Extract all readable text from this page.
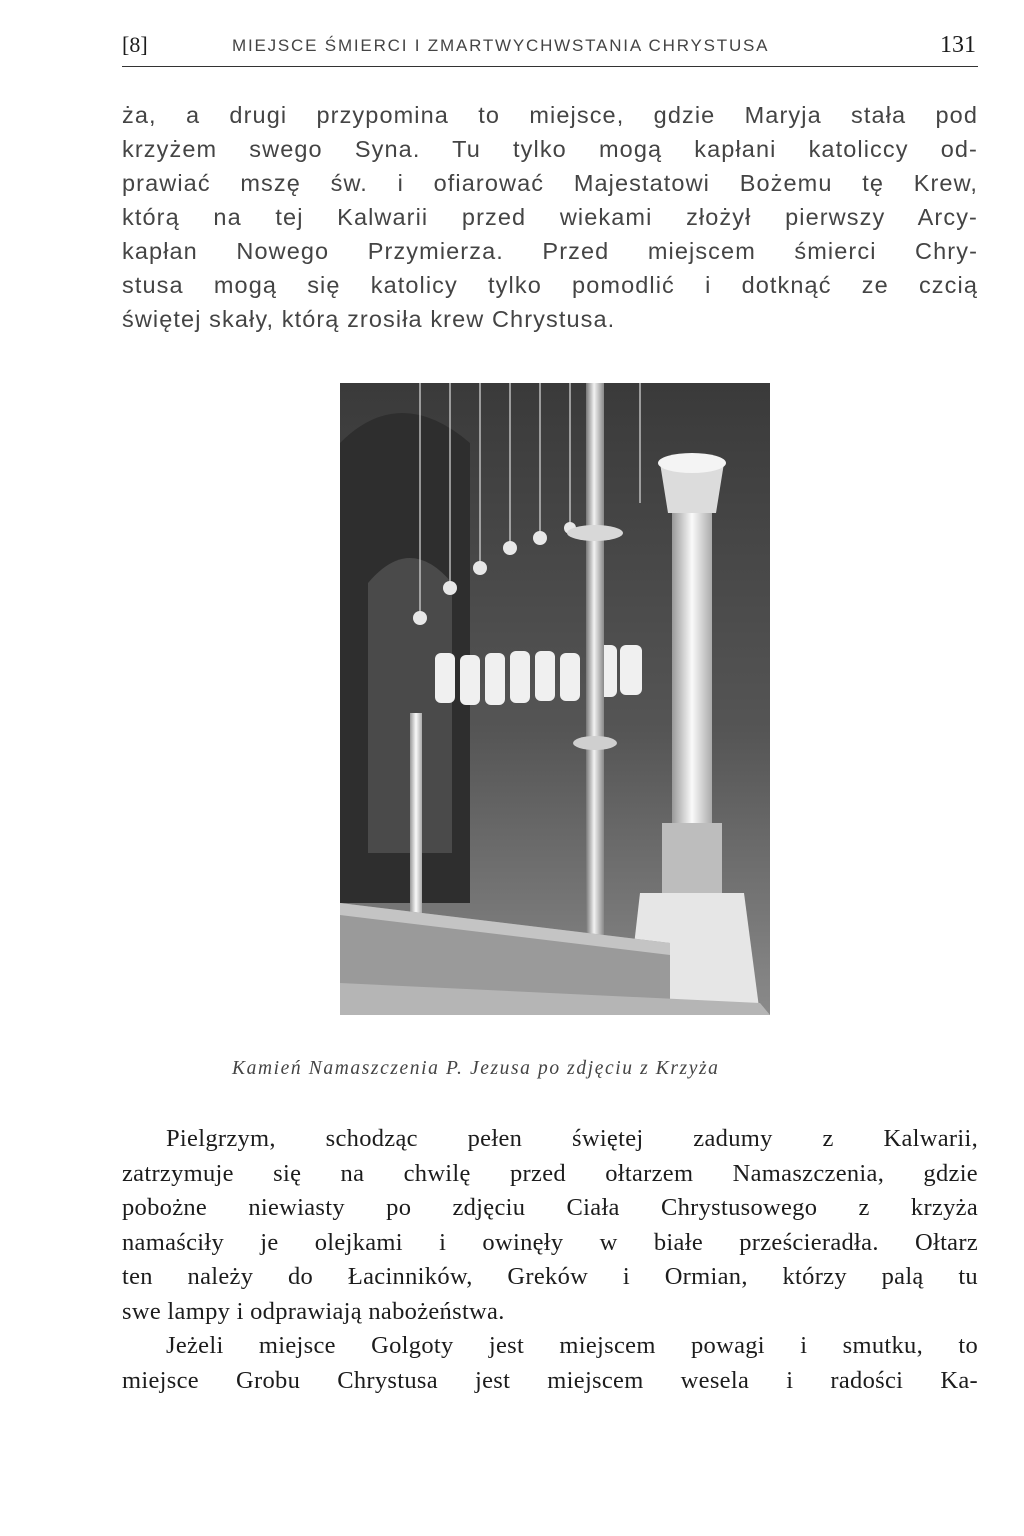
[8]	MIEJSCE ŚMIERCI I ZMARTWYCHWSTANIA CHRYSTUSA	131
ża, a drugi przypomina to miejsce, gdzie Maryja stała pod
krzyżem swego Syna. Tu tylko mogą kapłani katoliccy od-
prawiać mszę św. i ofiarować Majestatowi Bożemu tę Krew,
którą na tej Kalwarii przed wiekami złożył pierwszy Arcy-
kapłan Nowego Przymierza. Przed miejscem śmierci Chry-
stusa mogą się katolicy tylko pomodlić i dotknąć ze czcią
świętej skały, którą zrosiła krew Chrystusa.
Kamień Namaszczenia P. Jezusa po zdjęciu z Krzyża
Pielgrzym, schodząc pełen świętej zadumy z Kalwarii,
zatrzymuje się na chwilę przed ołtarzem Namaszczenia, gdzie
pobożne niewiasty po zdjęciu Ciała Chrystusowego z krzyża
namaściły je olejkami i owinęły w białe prześcieradła. Ołtarz
ten należy do Łacinników, Greków i Ormian, którzy palą tu
swe lampy i odprawiają nabożeństwa.
Jeżeli miejsce Golgoty jest miejscem powagi i smutku, to
miejsce Grobu Chrystusa jest miejscem wesela i radości Ka-
